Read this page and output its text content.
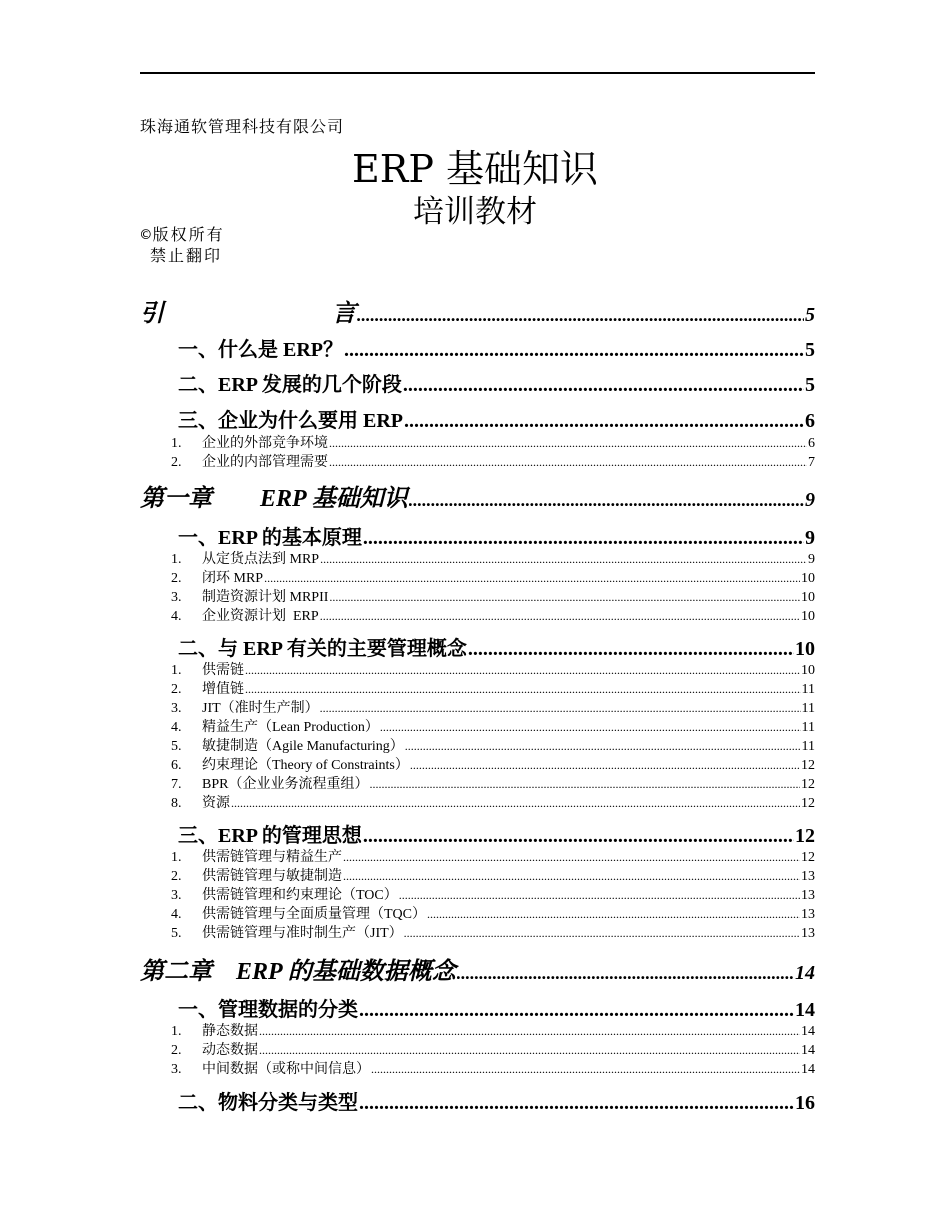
珠海通软管理科技有限公司
ERP 基础知识
培训教材
©版权所有
禁止翻印
引　　　　　　　言 .....	5
一、什么是 ERP？ .....	5
二、ERP 发展的几个阶段 .....	5
三、企业为什么要用 ERP .....	6
1.	企业的外部竞争环境 .....	6
2.	企业的内部管理需要 .....	7
第一章　　ERP 基础知识 .....	9
一、ERP 的基本原理 .....	9
1.	从定货点法到 MRP .....	9
2.	闭环 MRP .....	10
3.	制造资源计划 MRPII .....	10
4.	企业资源计划  ERP .....	10
二、与 ERP 有关的主要管理概念 .....	10
1.	供需链 .....	10
2.	增值链 .....	11
3.	JIT（准时生产制） .....	11
4.	精益生产（Lean Production） .....	11
5.	敏捷制造（Agile Manufacturing） .....	11
6.	约束理论（Theory of Constraints） .....	12
7.	BPR（企业业务流程重组） .....	12
8.	资源 .....	12
三、ERP 的管理思想 .....	12
1.	供需链管理与精益生产 .....	12
2.	供需链管理与敏捷制造 .....	13
3.	供需链管理和约束理论（TOC） .....	13
4.	供需链管理与全面质量管理（TQC） .....	13
5.	供需链管理与准时制生产（JIT） .....	13
第二章　ERP 的基础数据概念 .....	14
一、管理数据的分类 .....	14
1.	静态数据 .....	14
2.	动态数据 .....	14
3.	中间数据（或称中间信息） .....	14
二、物料分类与类型 .....	16
